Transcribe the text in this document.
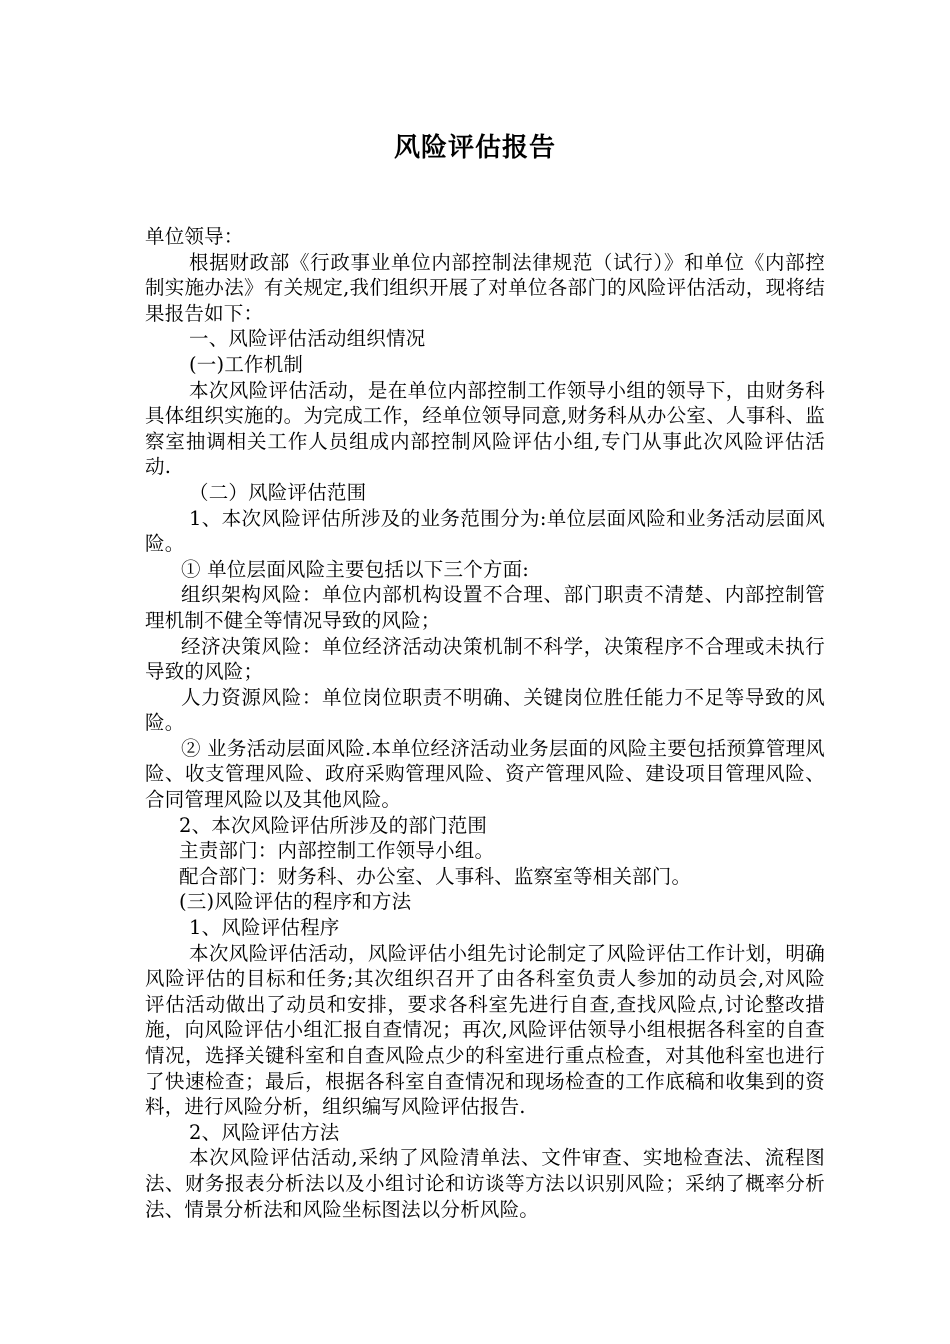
风险评估报告

单位领导：

根据财政部《行政事业单位内部控制法律规范（试行）》和单位《内部控制实施办法》有关规定,我们组织开展了对单位各部门的风险评估活动，现将结果报告如下：

一、风险评估活动组织情况

(一)工作机制

本次风险评估活动，是在单位内部控制工作领导小组的领导下，由财务科具体组织实施的。为完成工作，经单位领导同意,财务科从办公室、人事科、监察室抽调相关工作人员组成内部控制风险评估小组,专门从事此次风险评估活动.

（二）风险评估范围

1、本次风险评估所涉及的业务范围分为:单位层面风险和业务活动层面风险。

① 单位层面风险主要包括以下三个方面:

组织架构风险：单位内部机构设置不合理、部门职责不清楚、内部控制管理机制不健全等情况导致的风险；

经济决策风险：单位经济活动决策机制不科学，决策程序不合理或未执行导致的风险；

人力资源风险：单位岗位职责不明确、关键岗位胜任能力不足等导致的风险。

② 业务活动层面风险.本单位经济活动业务层面的风险主要包括预算管理风险、收支管理风险、政府采购管理风险、资产管理风险、建设项目管理风险、合同管理风险以及其他风险。

2、本次风险评估所涉及的部门范围

主责部门：内部控制工作领导小组。

配合部门：财务科、办公室、人事科、监察室等相关部门。

(三)风险评估的程序和方法

1、风险评估程序

本次风险评估活动，风险评估小组先讨论制定了风险评估工作计划，明确风险评估的目标和任务;其次组织召开了由各科室负责人参加的动员会,对风险评估活动做出了动员和安排，要求各科室先进行自查,查找风险点,讨论整改措施，向风险评估小组汇报自查情况；再次,风险评估领导小组根据各科室的自查情况，选择关键科室和自查风险点少的科室进行重点检查，对其他科室也进行了快速检查；最后，根据各科室自查情况和现场检查的工作底稿和收集到的资料，进行风险分析，组织编写风险评估报告.

2、风险评估方法

本次风险评估活动,采纳了风险清单法、文件审查、实地检查法、流程图法、财务报表分析法以及小组讨论和访谈等方法以识别风险；采纳了概率分析法、情景分析法和风险坐标图法以分析风险。
